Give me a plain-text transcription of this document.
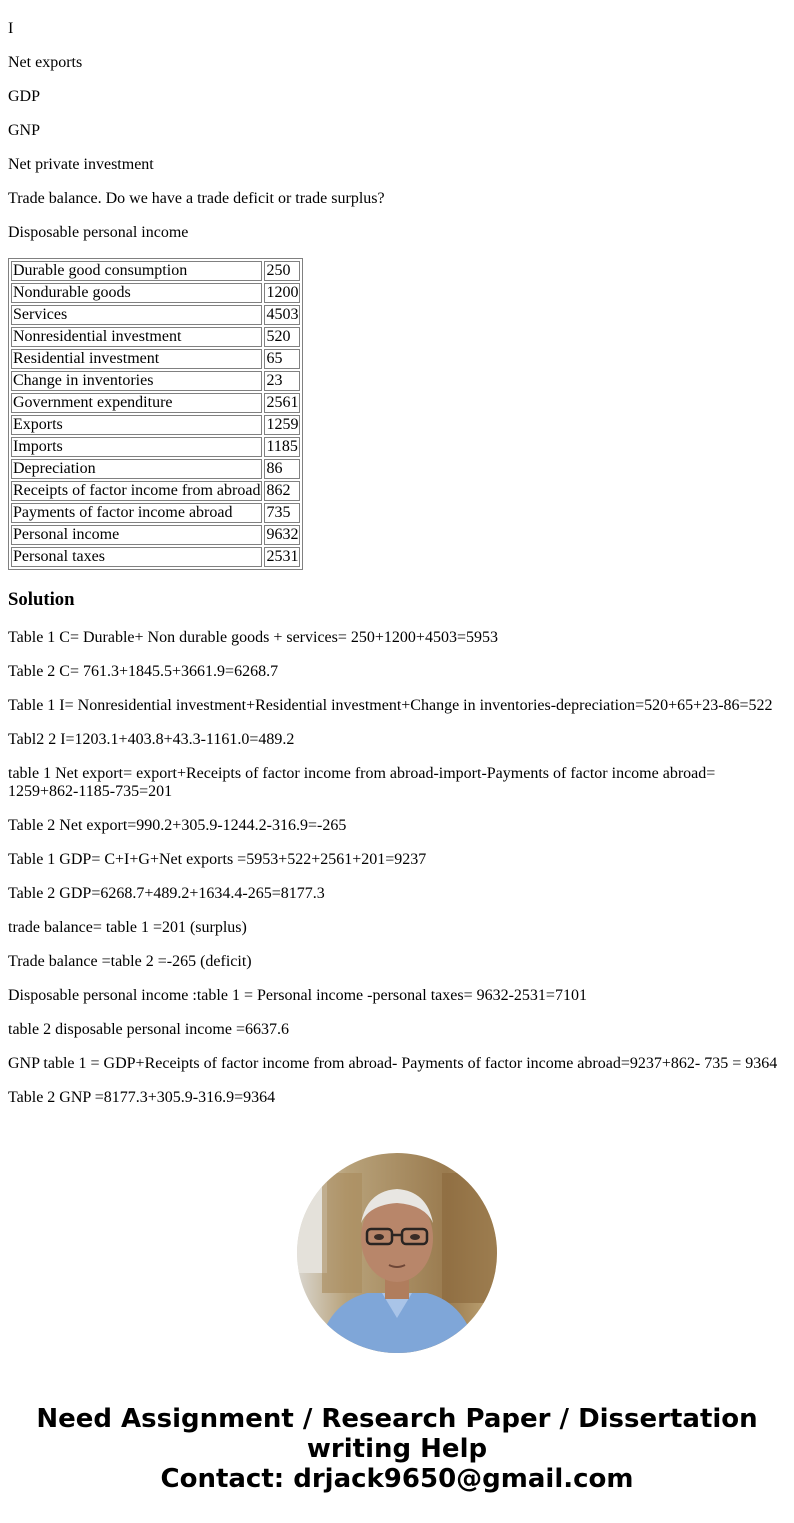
I

Net exports

GDP

GNP

Net private investment

Trade balance. Do we have a trade deficit or trade surplus?

Disposable personal income

Durable good consumption	250
Nondurable goods	1200
Services	4503
Nonresidential investment	520
Residential investment	65
Change in inventories	23
Government expenditure	2561
Exports	1259
Imports	1185
Depreciation	86
Receipts of factor income from abroad	862
Payments of factor income abroad	735
Personal income	9632
Personal taxes	2531
Solution

Table 1 C= Durable+ Non durable goods + services= 250+1200+4503=5953

Table 2 C= 761.3+1845.5+3661.9=6268.7

Table 1 I= Nonresidential investment+Residential investment+Change in inventories-depreciation=520+65+23-86=522

Tabl2 2 I=1203.1+403.8+43.3-1161.0=489.2

table 1 Net export= export+Receipts of factor income from abroad-import-Payments of factor income abroad= 1259+862-1185-735=201

Table 2 Net export=990.2+305.9-1244.2-316.9=-265

Table 1 GDP= C+I+G+Net exports =5953+522+2561+201=9237

Table 2 GDP=6268.7+489.2+1634.4-265=8177.3

trade balance= table 1 =201 (surplus)

Trade balance =table 2 =-265 (deficit)

Disposable personal income :table 1 = Personal income -personal taxes= 9632-2531=7101

table 2 disposable personal income =6637.6

GNP table 1 = GDP+Receipts of factor income from abroad- Payments of factor income abroad=9237+862- 735 = 9364

Table 2 GNP =8177.3+305.9-316.9=9364

Need Assignment / Research Paper / Dissertation writing Help
Contact: drjack9650@gmail.com
